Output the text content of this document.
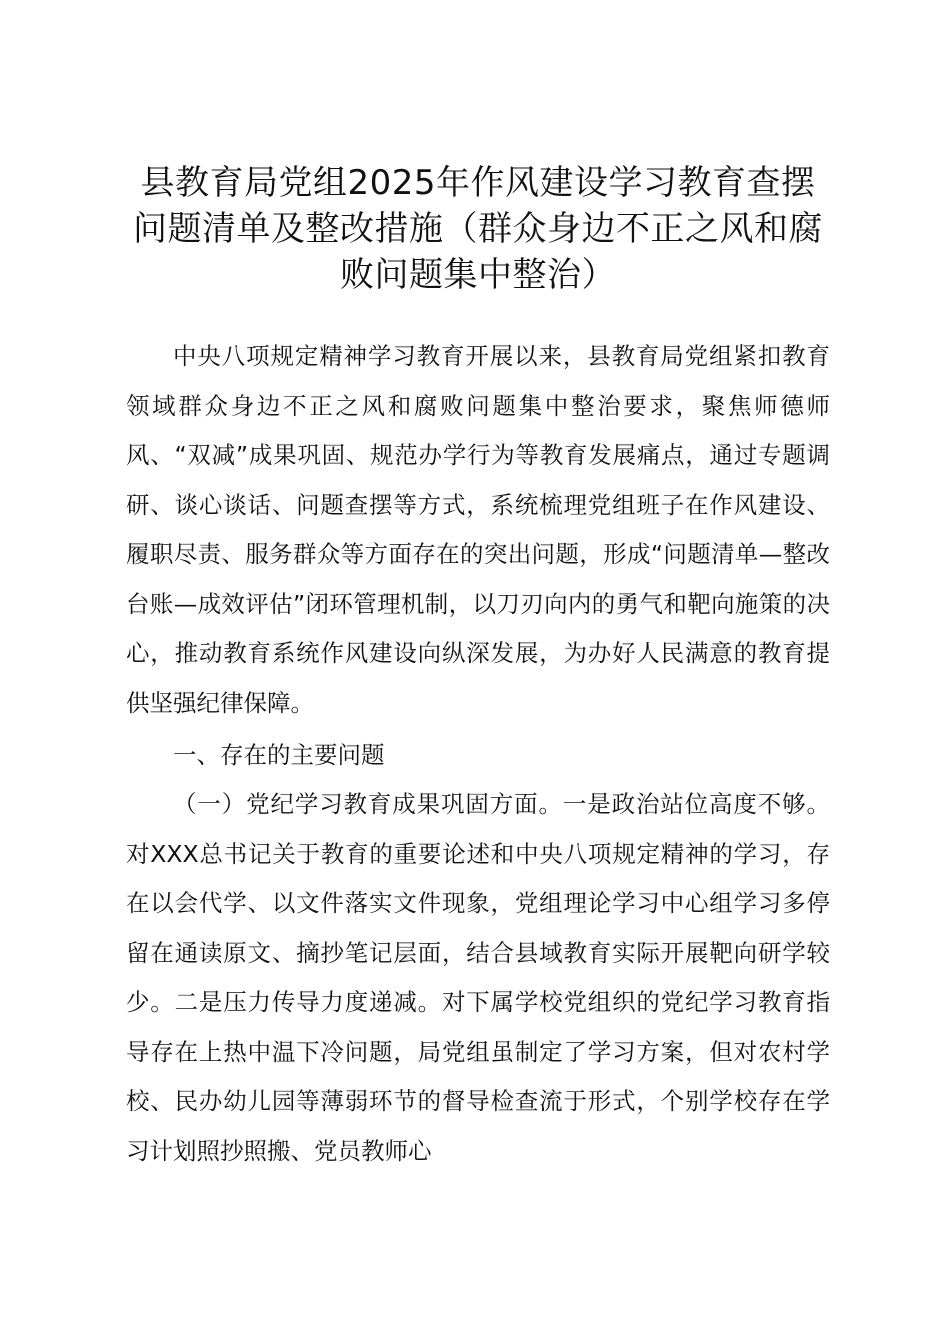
县教育局党组2025年作风建设学习教育查摆问题清单及整改措施（群众身边不正之风和腐败问题集中整治）

中央八项规定精神学习教育开展以来，县教育局党组紧扣教育领域群众身边不正之风和腐败问题集中整治要求，聚焦师德师风、“双减”成果巩固、规范办学行为等教育发展痛点，通过专题调研、谈心谈话、问题查摆等方式，系统梳理党组班子在作风建设、履职尽责、服务群众等方面存在的突出问题，形成“问题清单—整改台账—成效评估”闭环管理机制，以刀刃向内的勇气和靶向施策的决心，推动教育系统作风建设向纵深发展，为办好人民满意的教育提供坚强纪律保障。

一、存在的主要问题

（一）党纪学习教育成果巩固方面。一是政治站位高度不够。对XXX总书记关于教育的重要论述和中央八项规定精神的学习，存在以会代学、以文件落实文件现象，党组理论学习中心组学习多停留在通读原文、摘抄笔记层面，结合县域教育实际开展靶向研学较少。二是压力传导力度递减。对下属学校党组织的党纪学习教育指导存在上热中温下冷问题，局党组虽制定了学习方案，但对农村学校、民办幼儿园等薄弱环节的督导检查流于形式，个别学校存在学习计划照抄照搬、党员教师心
